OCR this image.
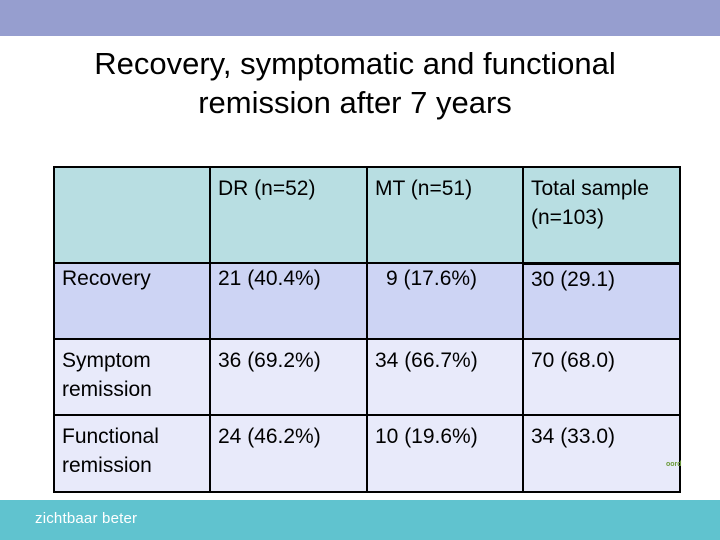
Recovery, symptomatic and functional
remission after 7 years
	DR (n=52)	MT (n=51)	Total sample (n=103)
Recovery	21 (40.4%)	9 (17.6%)	30 (29.1)
Symptom remission	36 (69.2%)	34 (66.7%)	70 (68.0)
Functional remission	24 (46.2%)	10 (19.6%)	34 (33.0)
oord
zichtbaar beter
